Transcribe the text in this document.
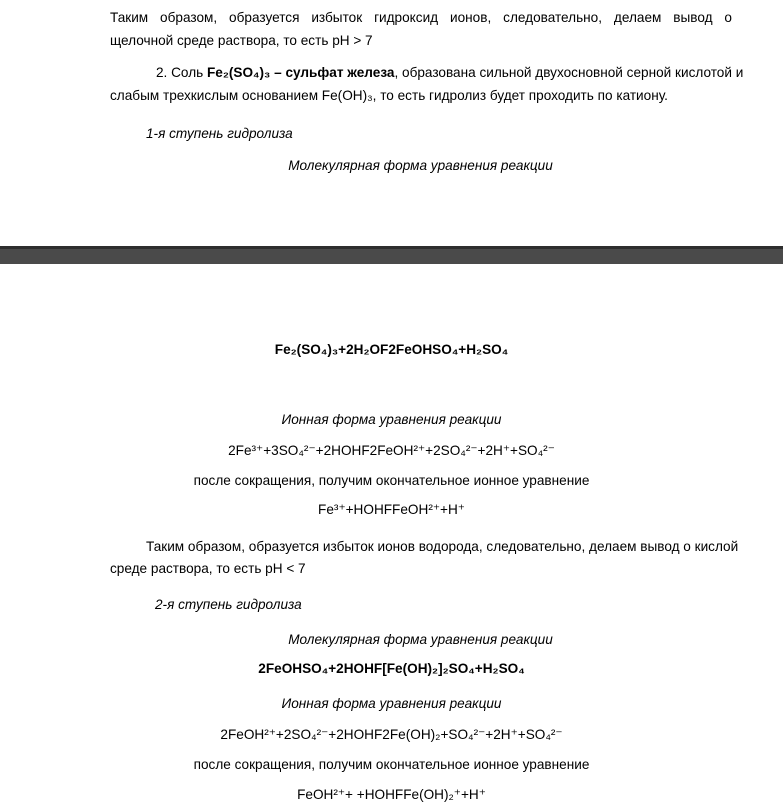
Таким образом, образуется избыток гидроксид ионов, следовательно, делаем вывод о
щелочной среде раствора, то есть pH > 7
2. Соль Fe₂(SO₄)₃ – сульфат железа, образована сильной двухосновной серной кислотой и
слабым трехкислым основанием Fe(OH)₃, то есть гидролиз будет проходить по катиону.
1-я ступень гидролиза
Молекулярная форма уравнения реакции
Fe₂(SO₄)₃+2H₂OF2FeOHSO₄+H₂SO₄
Ионная форма уравнения реакции
2Fe³⁺+3SO₄²⁻+2HOHF2FeOH²⁺+2SO₄²⁻+2H⁺+SO₄²⁻
после сокращения, получим окончательное ионное уравнение
Fe³⁺+HOHFFeOH²⁺+H⁺
Таким образом, образуется избыток ионов водорода, следовательно, делаем вывод о кислой
среде раствора, то есть pH < 7
2-я ступень гидролиза
Молекулярная форма уравнения реакции
2FeOHSO₄+2HOHF[Fe(OH)₂]₂SO₄+H₂SO₄
Ионная форма уравнения реакции
2FeOH²⁺+2SO₄²⁻+2HOHF2Fe(OH)₂+SO₄²⁻+2H⁺+SO₄²⁻
после сокращения, получим окончательное ионное уравнение
FeOH²⁺+ +HOHFFe(OH)₂⁺+H⁺
